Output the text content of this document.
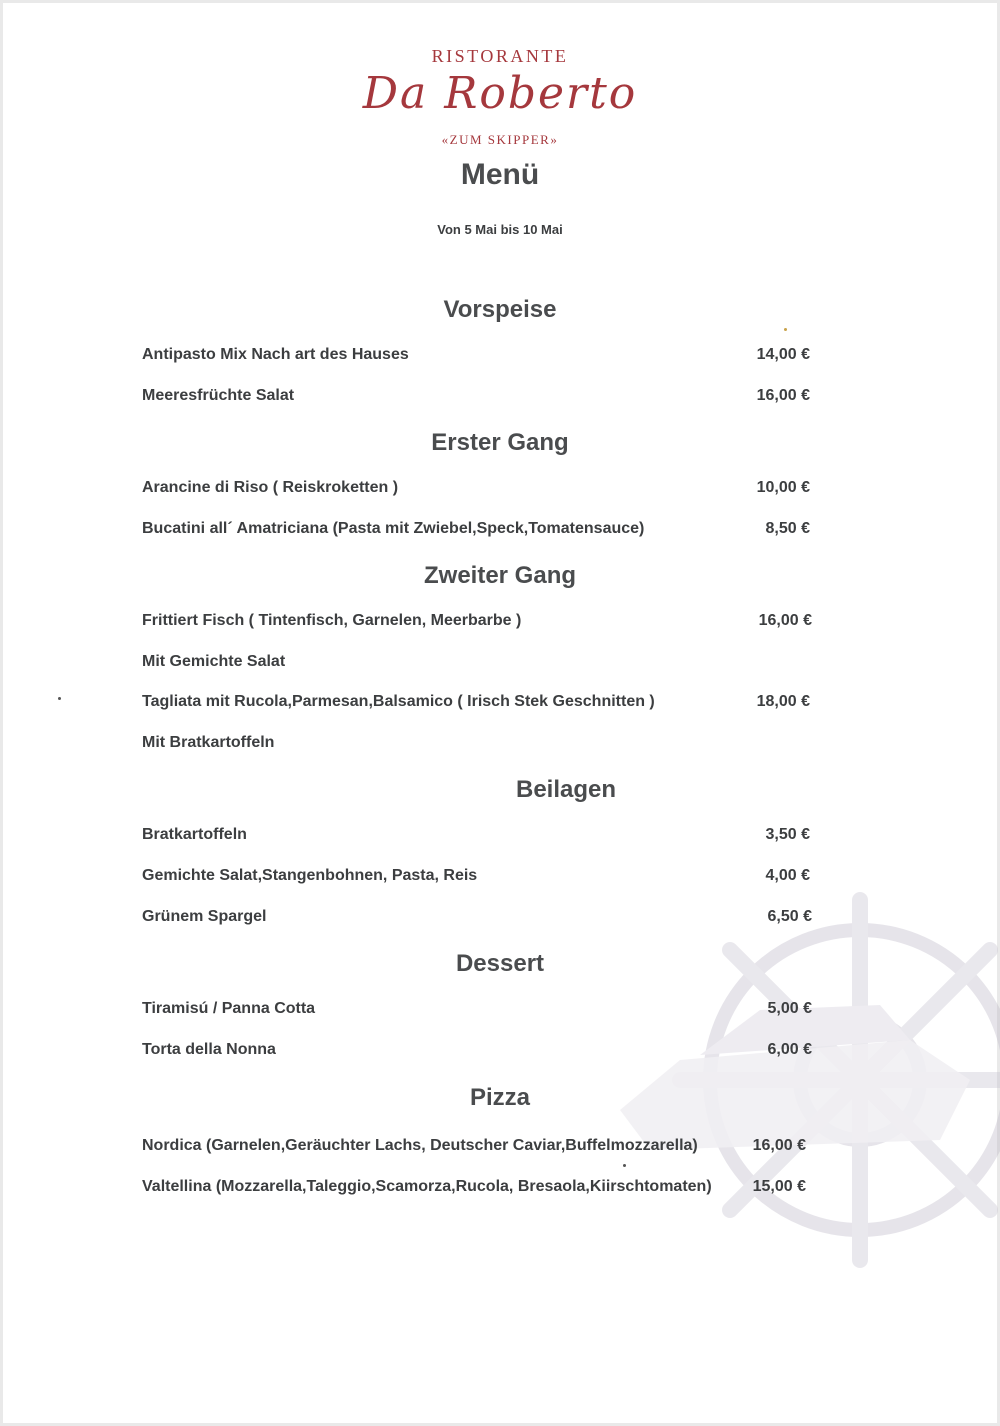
RISTORANTE
Da Roberto
«ZUM SKIPPER»
Menü
Von 5 Mai bis 10 Mai
Vorspeise
Antipasto Mix Nach art des Hauses	14,00 €
Meeresfrüchte Salat	16,00 €
Erster Gang
Arancine di Riso ( Reiskroketten )	10,00 €
Bucatini all´ Amatriciana (Pasta mit Zwiebel,Speck,Tomatensauce)	8,50 €
Zweiter Gang
Frittiert Fisch ( Tintenfisch, Garnelen, Meerbarbe )	16,00 €
Mit Gemichte Salat
Tagliata mit Rucola,Parmesan,Balsamico ( Irisch Stek Geschnitten )	18,00 €
Mit Bratkartoffeln
Beilagen
Bratkartoffeln	3,50 €
Gemichte Salat,Stangenbohnen, Pasta, Reis	4,00 €
Grünem Spargel	6,50 €
Dessert
Tiramisú / Panna Cotta	5,00 €
Torta della Nonna	6,00 €
Pizza
Nordica (Garnelen,Geräuchter Lachs, Deutscher Caviar,Buffelmozzarella)	16,00 €
Valtellina (Mozzarella,Taleggio,Scamorza,Rucola, Bresaola,Kiirschtomaten)	15,00 €
